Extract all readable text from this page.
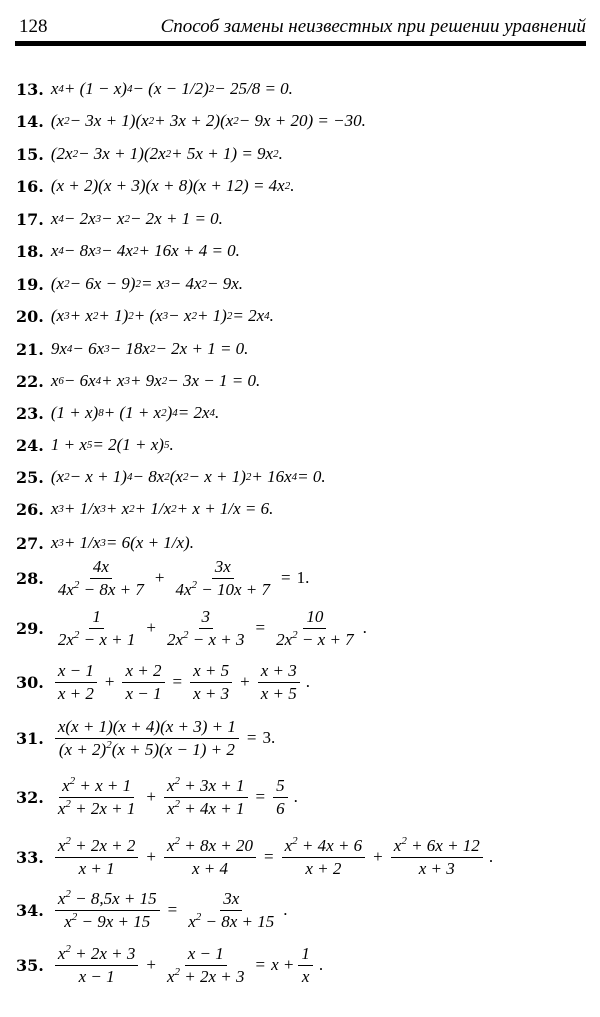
128	Способ замены неизвестных при решении уравнений
13. x 4 + (1 − x) 4 − (x − 1/2) 2 − 25/8 = 0.
14. (x 2 − 3x + 1)(x 2 + 3x + 2)(x 2 − 9x + 20) = −30.
15. (2x 2 − 3x + 1)(2x 2 + 5x + 1) = 9x 2 .
16. (x + 2)(x + 3)(x + 8)(x + 12) = 4x 2 .
17. x 4 − 2x 3 − x 2 − 2x + 1 = 0.
18. x 4 − 8x 3 − 4x 2 + 16x + 4 = 0.
19. (x 2 − 6x − 9) 2 = x 3 − 4x 2 − 9x.
20. (x 3 + x 2 + 1) 2 + (x 3 − x 2 + 1) 2 = 2x 4 .
21. 9x 4 − 6x 3 − 18x 2 − 2x + 1 = 0.
22. x 6 − 6x 4 + x 3 + 9x 2 − 3x − 1 = 0.
23. (1 + x) 8 + (1 + x 2 ) 4 = 2x 4 .
24. 1 + x 5 = 2(1 + x) 5 .
25. (x 2 − x + 1) 4 − 8x 2 (x 2 − x + 1) 2 + 16x 4 = 0.
26. x 3 + 1/x 3 + x 2 + 1/x 2 + x + 1/x = 6.
27. x 3 + 1/x 3 = 6(x + 1/x).
28. $\frac{4x}{4x^2 - 8x + 7} + \frac{3x}{4x^2 - 10x + 7} = 1$.
29. $\frac{1}{2x^2 - x + 1} + \frac{3}{2x^2 - x + 3} = \frac{10}{2x^2 - x + 7}$ .
30. $\frac{x - 1}{x + 2} + \frac{x + 2}{x - 1} = \frac{x + 5}{x + 3} + \frac{x + 3}{x + 5}$ .
31. $\frac{x(x + 1)(x + 4)(x + 3) + 1}{(x + 2)^2(x + 5)(x - 1) + 2} = 3$.
32. $\frac{x^2 + x + 1}{x^2 + 2x + 1} + \frac{x^2 + 3x + 1}{x^2 + 4x + 1} = \frac{5}{6}$ .
33. $\frac{x^2 + 2x + 2}{x + 1} + \frac{x^2 + 8x + 20}{x + 4} = \frac{x^2 + 4x + 6}{x + 2} + \frac{x^2 + 6x + 12}{x + 3}$ .
34. $\frac{x^2 - 8,5x + 15}{x^2 - 9x + 15} = \frac{3x}{x^2 - 8x + 15}$ .
35. $\frac{x^2 + 2x + 3}{x - 1} + \frac{x - 1}{x^2 + 2x + 3} = x + \frac{1}{x}$ .
